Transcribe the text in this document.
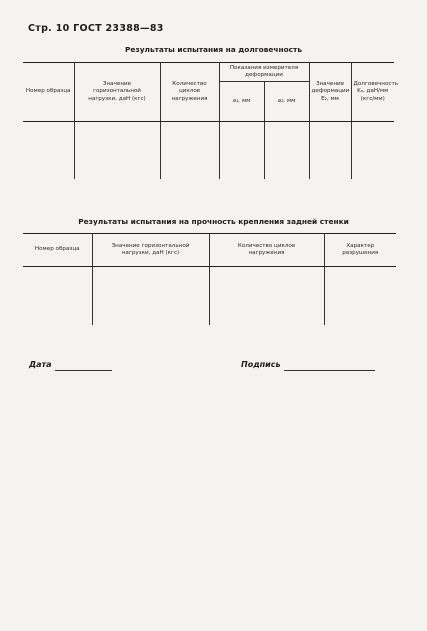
Стр. 10 ГОСТ 23388—83
Результаты испытания на долговечность
Номер образца	Значение горизонтальной нагрузки, даН (кгс)	Количество циклов нагружения	Показания измерителя деформации		Значение деформации E₂, мм	Долговечность Kₐ, даН/мм (кгс/мм)
			a₁, мм	a₂, мм		

Результаты испытания на прочность крепления задней стенки
Номер образца	Значение горизонтальной нагрузки, даН (кгс)	Количество циклов нагружения	Характер разрушения

Дата	Подпись
